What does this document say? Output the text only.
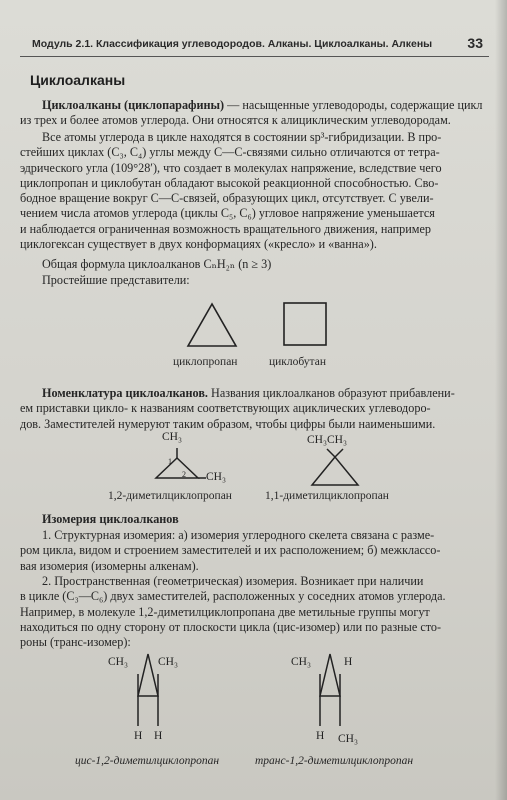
Модуль 2.1. Классификация углеводородов. Алканы. Циклоалканы. Алкены	33
Циклоалканы
Циклоалканы (циклопарафины) — насыщенные углеводороды, содержащие цикл
из трех и более атомов углерода. Они относятся к алициклическим углеводородам.
Все атомы углерода в цикле находятся в состоянии sp³-гибридизации. В про-
стейших циклах (C₃, C₄) углы между C—C-связями сильно отличаются от тетра-
эдрического угла (109°28′), что создает в молекулах напряжение, вследствие чего
циклопропан и циклобутан обладают высокой реакционной способностью. Сво-
бодное вращение вокруг C—C-связей, образующих цикл, отсутствует. С увели-
чением числа атомов углерода (циклы C₅, C₆) угловое напряжение уменьшается
и наблюдается ограниченная возможность вращательного движения, например
циклогексан существует в двух конформациях («кресло» и «ванна»).
Общая формула циклоалканов CₙH₂ₙ (n ≥ 3)
Простейшие представители:
циклопропан	циклобутан
Номенклатура циклоалканов. Названия циклоалканов образуют прибавлени-
ем приставки цикло- к названиям соответствующих ациклических углеводоро-
дов. Заместителей нумеруют таким образом, чтобы цифры были наименьшими.
CH₃
1
2 CH₃
1,2-диметилциклопропан
CH₃CH₃
1,1-диметилциклопропан
Изомерия циклоалканов
1. Структурная изомерия: а) изомерия углеродного скелета связана с разме-
ром цикла, видом и строением заместителей и их расположением; б) межклассо-
вая изомерия (изомерны алкенам).
2. Пространственная (геометрическая) изомерия. Возникает при наличии
в цикле (C₃—C₆) двух заместителей, расположенных у соседних атомов углерода.
Например, в молекуле 1,2-диметилциклопропана две метильные группы могут
находиться по одну сторону от плоскости цикла (цис-изомер) или по разные сто-
роны (транс-изомер):
CH₃	CH₃
H H
цис-1,2-диметилциклопропан
CH₃	H
H CH₃
транс-1,2-диметилциклопропан
